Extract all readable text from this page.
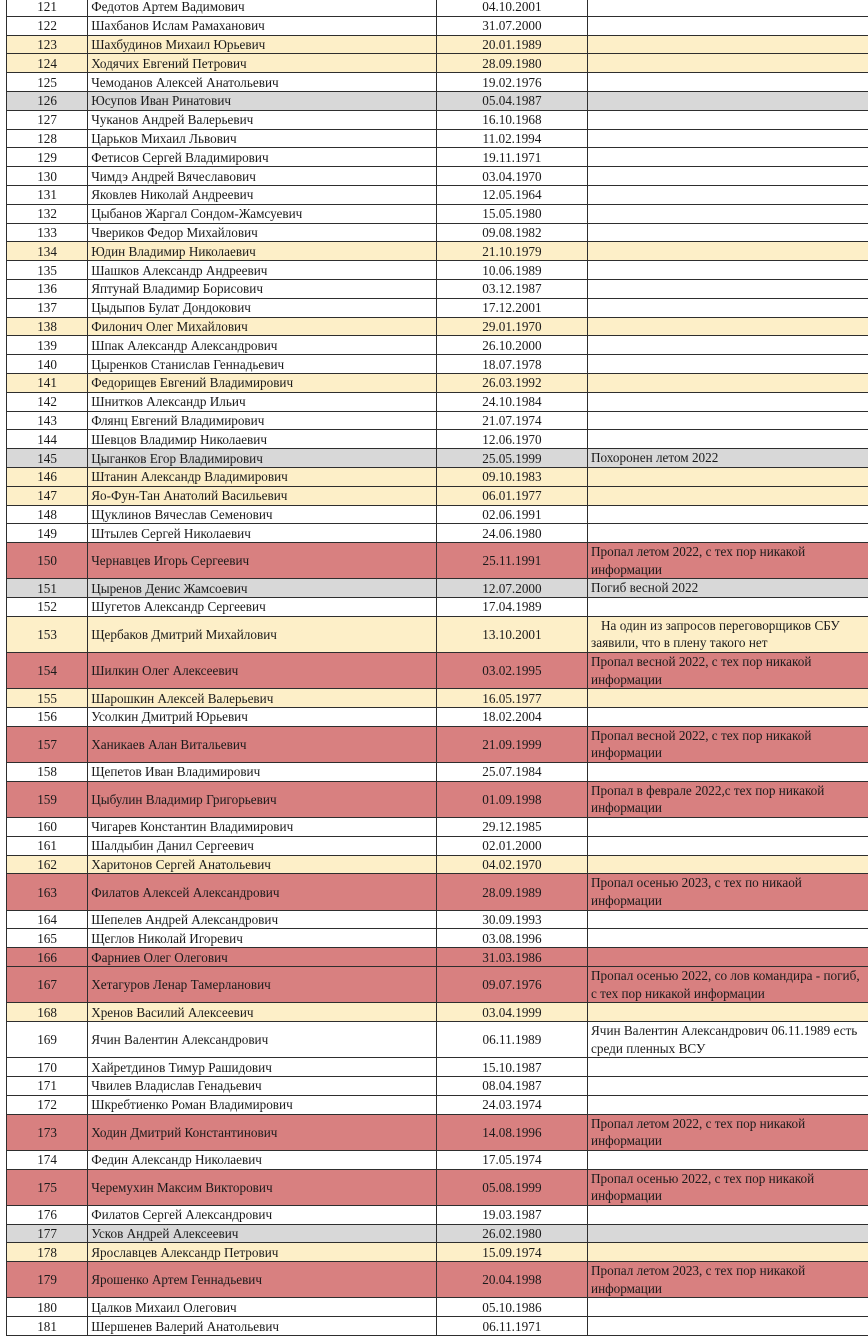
121	Федотов Артем Вадимович	04.10.2001	
122	Шахбанов Ислам Рамаханович	31.07.2000	
123	Шахбудинов Михаил Юрьевич	20.01.1989	
124	Ходячих Евгений Петрович	28.09.1980	
125	Чемоданов Алексей Анатольевич	19.02.1976	
126	Юсупов Иван Ринатович	05.04.1987	
127	Чуканов Андрей Валерьевич	16.10.1968	
128	Царьков Михаил Львович	11.02.1994	
129	Фетисов Сергей Владимирович	19.11.1971	
130	Чимдэ Андрей Вячеславович	03.04.1970	
131	Яковлев Николай Андреевич	12.05.1964	
132	Цыбанов Жаргал Сондом-Жамсуевич	15.05.1980	
133	Чвериков Федор Михайлович	09.08.1982	
134	Юдин Владимир Николаевич	21.10.1979	
135	Шашков Александр Андреевич	10.06.1989	
136	Яптунай Владимир Борисович	03.12.1987	
137	Цыдыпов Булат Дондокович	17.12.2001	
138	Филонич Олег Михайлович	29.01.1970	
139	Шпак Александр Александрович	26.10.2000	
140	Цыренков Станислав Геннадьевич	18.07.1978	
141	Федорищев Евгений Владимирович	26.03.1992	
142	Шнитков Александр Ильич	24.10.1984	
143	Флянц Евгений Владимирович	21.07.1974	
144	Шевцов Владимир Николаевич	12.06.1970	
145	Цыганков Егор Владимирович	25.05.1999	Похоронен летом 2022
146	Штанин Александр Владимирович	09.10.1983	
147	Яо-Фун-Тан Анатолий Васильевич	06.01.1977	
148	Щуклинов Вячеслав Семенович	02.06.1991	
149	Штылев Сергей Николаевич	24.06.1980	
150	Чернавцев Игорь Сергеевич	25.11.1991	Пропал летом 2022, с тех пор никакой информации
151	Цыренов Денис Жамсоевич	12.07.2000	Погиб весной 2022
152	Шугетов Александр Сергеевич	17.04.1989	
153	Щербаков Дмитрий Михайлович	13.10.2001	На один из запросов переговорщиков СБУ заявили, что в плену такого нет
154	Шилкин Олег Алексеевич	03.02.1995	Пропал весной 2022, с тех пор никакой информации
155	Шарошкин Алексей Валерьевич	16.05.1977	
156	Усолкин Дмитрий Юрьевич	18.02.2004	
157	Ханикаев Алан Витальевич	21.09.1999	Пропал весной 2022, с тех пор никакой информации
158	Щепетов Иван Владимирович	25.07.1984	
159	Цыбулин Владимир Григорьевич	01.09.1998	Пропал в феврале 2022,с тех пор никакой информации
160	Чигарев Константин Владимирович	29.12.1985	
161	Шалдыбин Данил Сергеевич	02.01.2000	
162	Харитонов Сергей Анатольевич	04.02.1970	
163	Филатов Алексей Александрович	28.09.1989	Пропал осенью 2023, с тех по никаой информации
164	Шепелев Андрей Александрович	30.09.1993	
165	Щеглов Николай Игоревич	03.08.1996	
166	Фарниев Олег Олегович	31.03.1986	
167	Хетагуров Ленар Тамерланович	09.07.1976	Пропал осенью 2022, со лов командира - погиб, с тех пор никакой информации
168	Хренов Василий Алексеевич	03.04.1999	
169	Ячин Валентин Александрович	06.11.1989	Ячин Валентин Александрович 06.11.1989 есть среди пленных ВСУ
170	Хайретдинов Тимур Рашидович	15.10.1987	
171	Чвилев Владислав Генадьевич	08.04.1987	
172	Шкребтиенко Роман Владимирович	24.03.1974	
173	Ходин Дмитрий Константинович	14.08.1996	Пропал летом 2022, с тех пор никакой информации
174	Федин Александр Николаевич	17.05.1974	
175	Черемухин Максим Викторович	05.08.1999	Пропал осенью 2022, с тех пор никакой информации
176	Филатов Сергей Александрович	19.03.1987	
177	Усков Андрей Алексеевич	26.02.1980	
178	Ярославцев Александр Петрович	15.09.1974	
179	Ярошенко Артем Геннадьевич	20.04.1998	Пропал летом 2023, с тех пор никакой информации
180	Цалков Михаил Олегович	05.10.1986	
181	Шершенев Валерий Анатольевич	06.11.1971	
